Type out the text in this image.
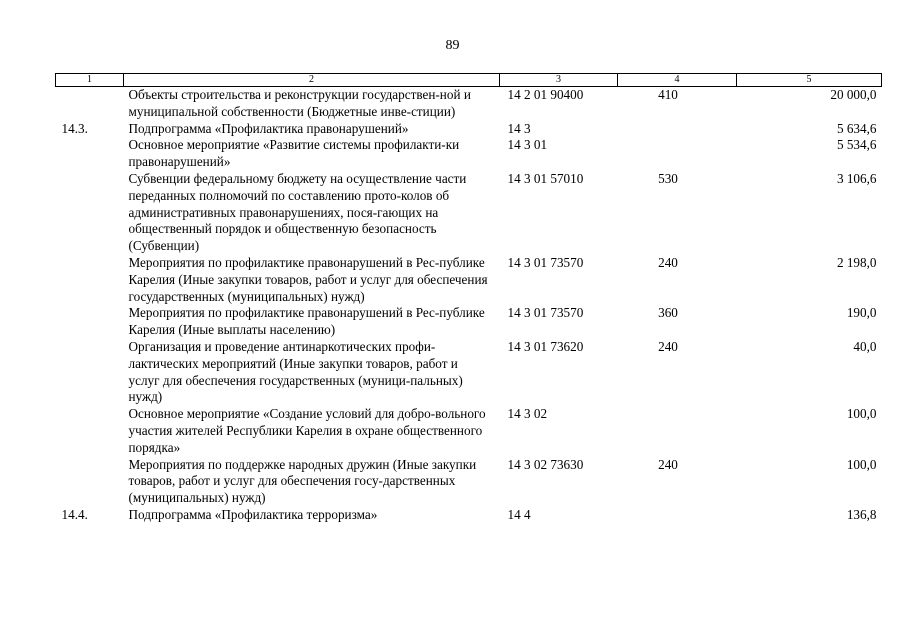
89
1	2	3	4	5
	Объекты строительства и реконструкции государствен-ной и муниципальной собственности (Бюджетные инве-стиции)	14 2 01 90400	410	20 000,0
14.3.	Подпрограмма «Профилактика правонарушений»	14 3		5 634,6
	Основное мероприятие «Развитие системы профилакти-ки правонарушений»	14 3 01		5 534,6
	Субвенции федеральному бюджету на осуществление части переданных полномочий по составлению прото-колов об административных правонарушениях, пося-гающих на общественный порядок и общественную безопасность (Субвенции)	14 3 01 57010	530	3 106,6
	Мероприятия по профилактике правонарушений в Рес-публике Карелия (Иные закупки товаров, работ и услуг для обеспечения государственных (муниципальных) нужд)	14 3 01 73570	240	2 198,0
	Мероприятия по профилактике правонарушений в Рес-публике Карелия (Иные выплаты населению)	14 3 01 73570	360	190,0
	Организация и проведение антинаркотических профи-лактических мероприятий (Иные закупки товаров, работ и услуг для обеспечения государственных (муници-пальных) нужд)	14 3 01 73620	240	40,0
	Основное мероприятие «Создание условий для добро-вольного участия жителей Республики Карелия в охране общественного порядка»	14 3 02		100,0
	Мероприятия по поддержке народных дружин (Иные закупки товаров, работ и услуг для обеспечения госу-дарственных (муниципальных) нужд)	14 3 02 73630	240	100,0
14.4.	Подпрограмма «Профилактика терроризма»	14 4		136,8
